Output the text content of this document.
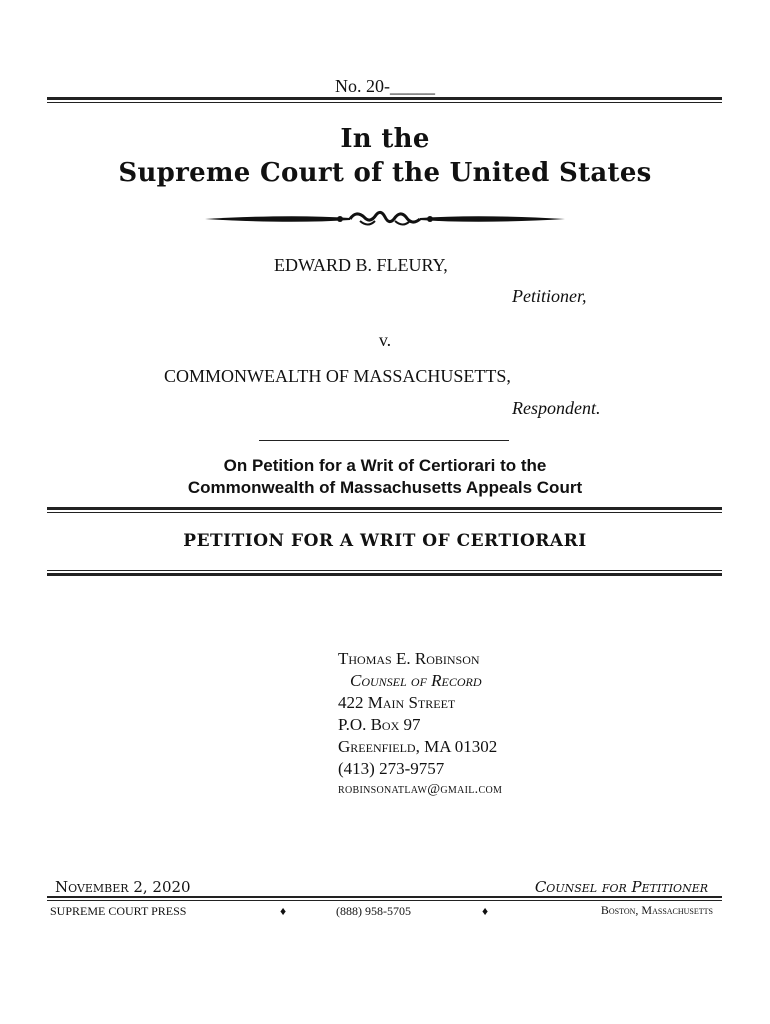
No. 20-_____
In the
Supreme Court of the United States
EDWARD B. FLEURY,
Petitioner,
v.
COMMONWEALTH OF MASSACHUSETTS,
Respondent.
On Petition for a Writ of Certiorari to the
Commonwealth of Massachusetts Appeals Court
PETITION FOR A WRIT OF CERTIORARI
Thomas E. Robinson
Counsel of Record
422 Main Street
P.O. Box 97
Greenfield, MA 01302
(413) 273-9757
robinsonatlaw@gmail.com
November 2, 2020	Counsel for Petitioner
SUPREME COURT PRESS	♦	(888) 958-5705	♦	Boston, Massachusetts
